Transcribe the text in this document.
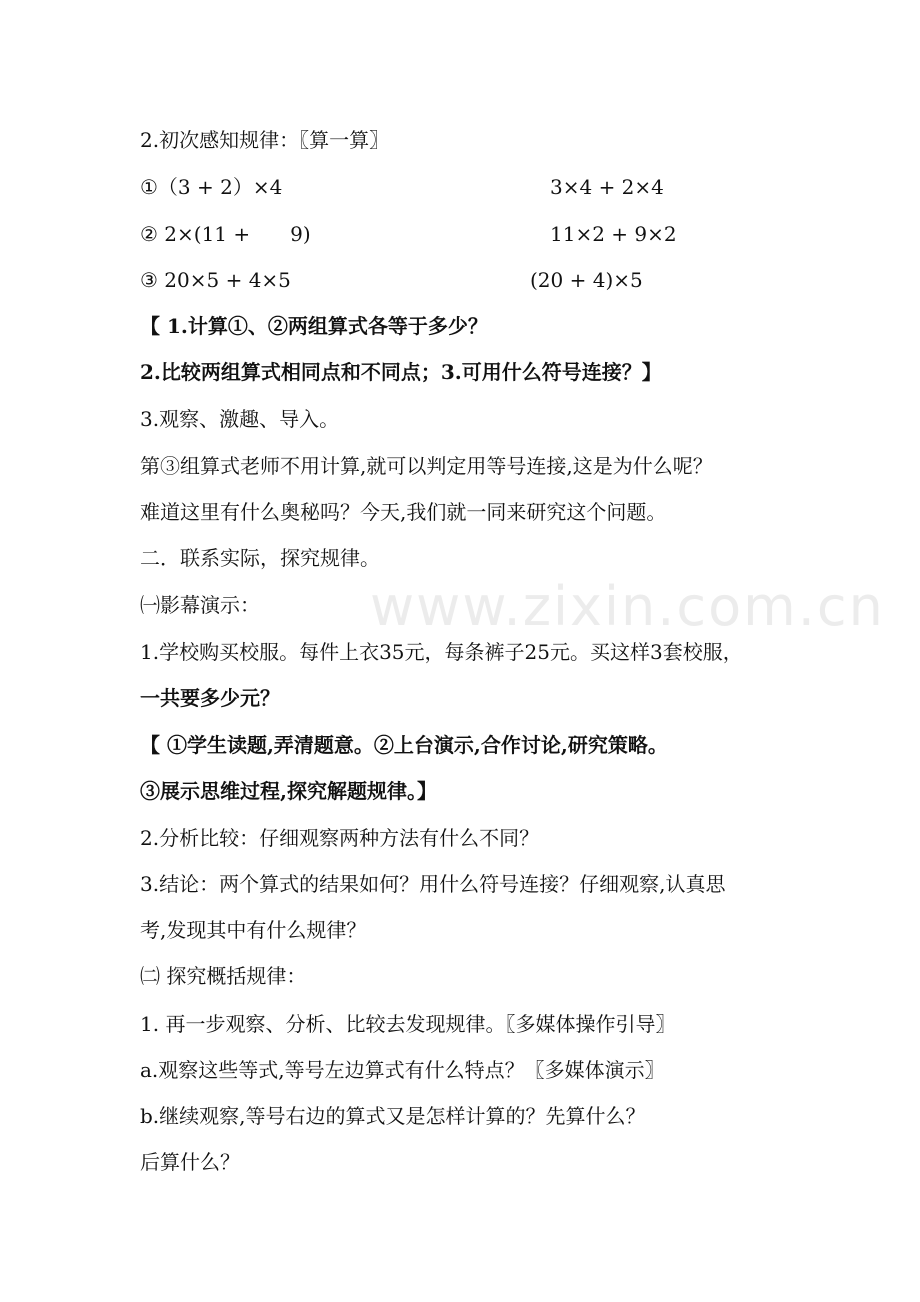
www.zixin.com.cn
2.初次感知规律：〖算一算〗
①（3 + 2）×4	3×4 + 2×4
② 2×(11 +　　9)	11×2 + 9×2
③ 20×5 + 4×5	(20 + 4)×5
【 1.计算①、②两组算式各等于多少？
2.比较两组算式相同点和不同点；3.可用什么符号连接？】
3.观察、激趣、导入。
第③组算式老师不用计算,就可以判定用等号连接,这是为什么呢？
难道这里有什么奥秘吗？今天,我们就一同来研究这个问题。
二．联系实际，探究规律。
㈠影幕演示：
1.学校购买校服。每件上衣35元，每条裤子25元。买这样3套校服，
一共要多少元？
【 ①学生读题,弄清题意。②上台演示,合作讨论,研究策略。
③展示思维过程,探究解题规律。】
2.分析比较：仔细观察两种方法有什么不同？
3.结论：两个算式的结果如何？用什么符号连接？仔细观察,认真思
考,发现其中有什么规律？
㈡ 探究概括规律：
1. 再一步观察、分析、比较去发现规律。〖多媒体操作引导〗
a.观察这些等式,等号左边算式有什么特点？〖多媒体演示〗
b.继续观察,等号右边的算式又是怎样计算的？先算什么？
后算什么？
